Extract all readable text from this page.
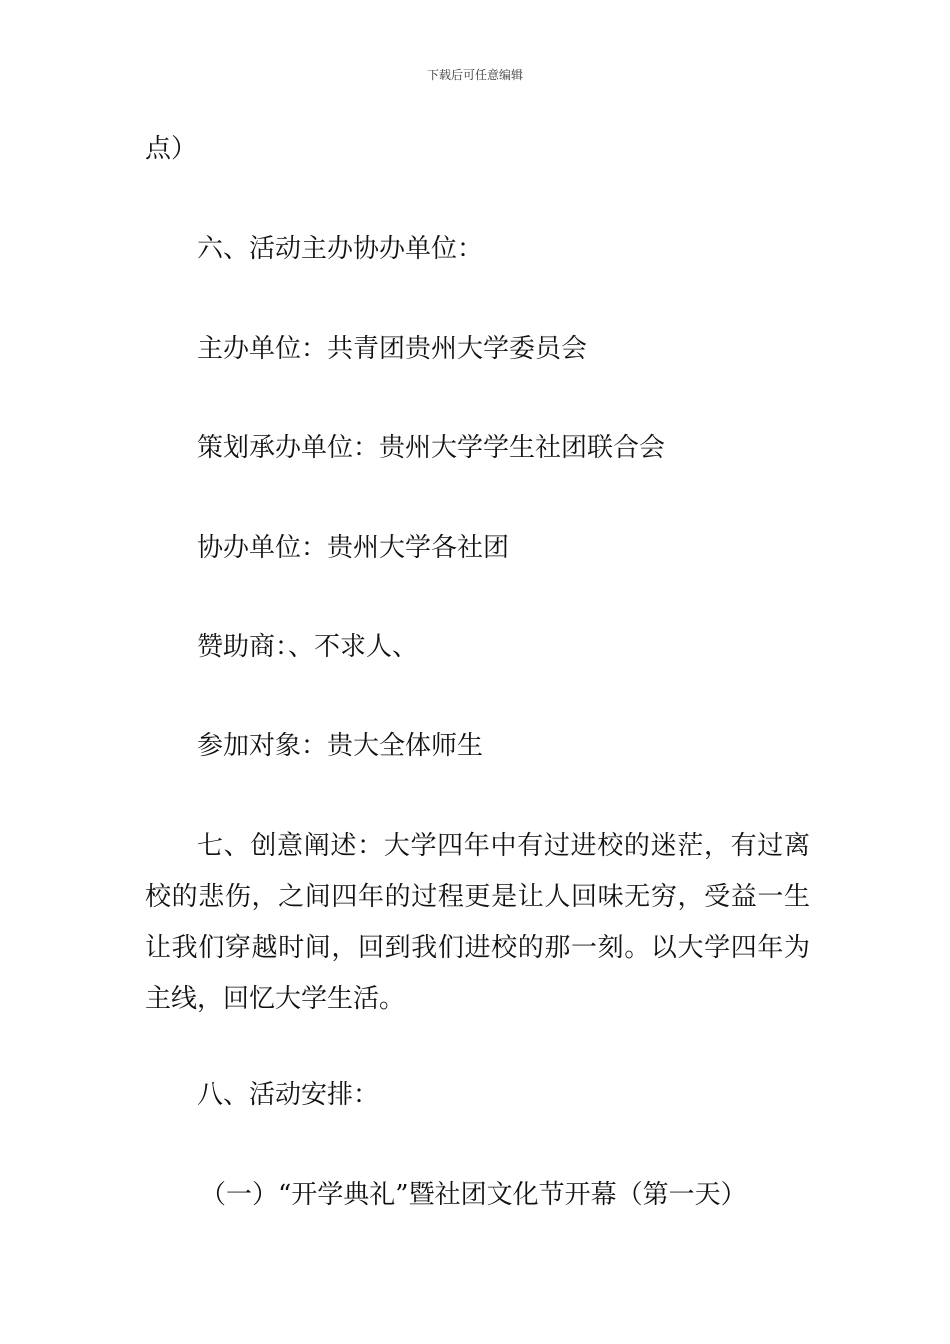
下载后可任意编辑
点）
六、活动主办协办单位：
主办单位：共青团贵州大学委员会
策划承办单位：贵州大学学生社团联合会
协办单位：贵州大学各社团
赞助商：、不求人、
参加对象：贵大全体师生
七、创意阐述：大学四年中有过进校的迷茫，有过离校的悲伤，之间四年的过程更是让人回味无穷，受益一生让我们穿越时间，回到我们进校的那一刻。以大学四年为主线，回忆大学生活。
八、活动安排：
（一）“开学典礼”暨社团文化节开幕（第一天）
